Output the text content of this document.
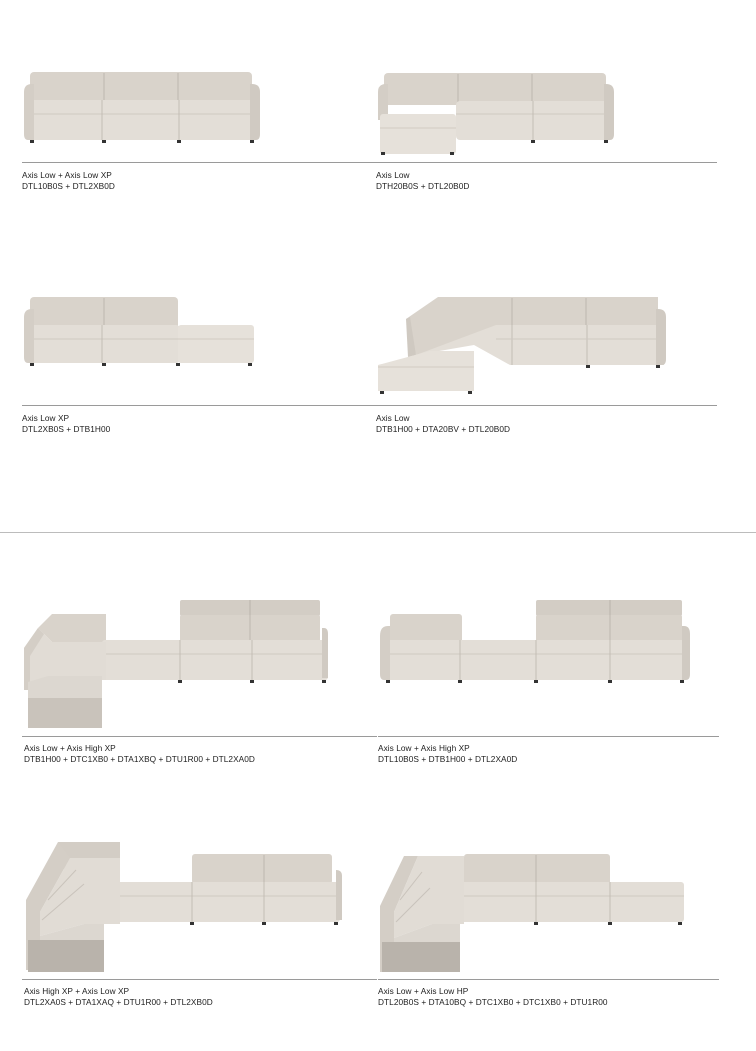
Axis Low + Axis Low XP
DTL10B0S + DTL2XB0D
Axis Low
DTH20B0S + DTL20B0D
Axis Low XP
DTL2XB0S + DTB1H00
Axis Low
DTB1H00 + DTA20BV + DTL20B0D
Axis Low + Axis High XP
DTB1H00 + DTC1XB0 + DTA1XBQ + DTU1R00 + DTL2XA0D
Axis Low + Axis High XP
DTL10B0S + DTB1H00 + DTL2XA0D
Axis High XP + Axis Low XP
DTL2XA0S + DTA1XAQ + DTU1R00 + DTL2XB0D
Axis Low + Axis Low HP
DTL20B0S + DTA10BQ + DTC1XB0 + DTC1XB0 + DTU1R00
